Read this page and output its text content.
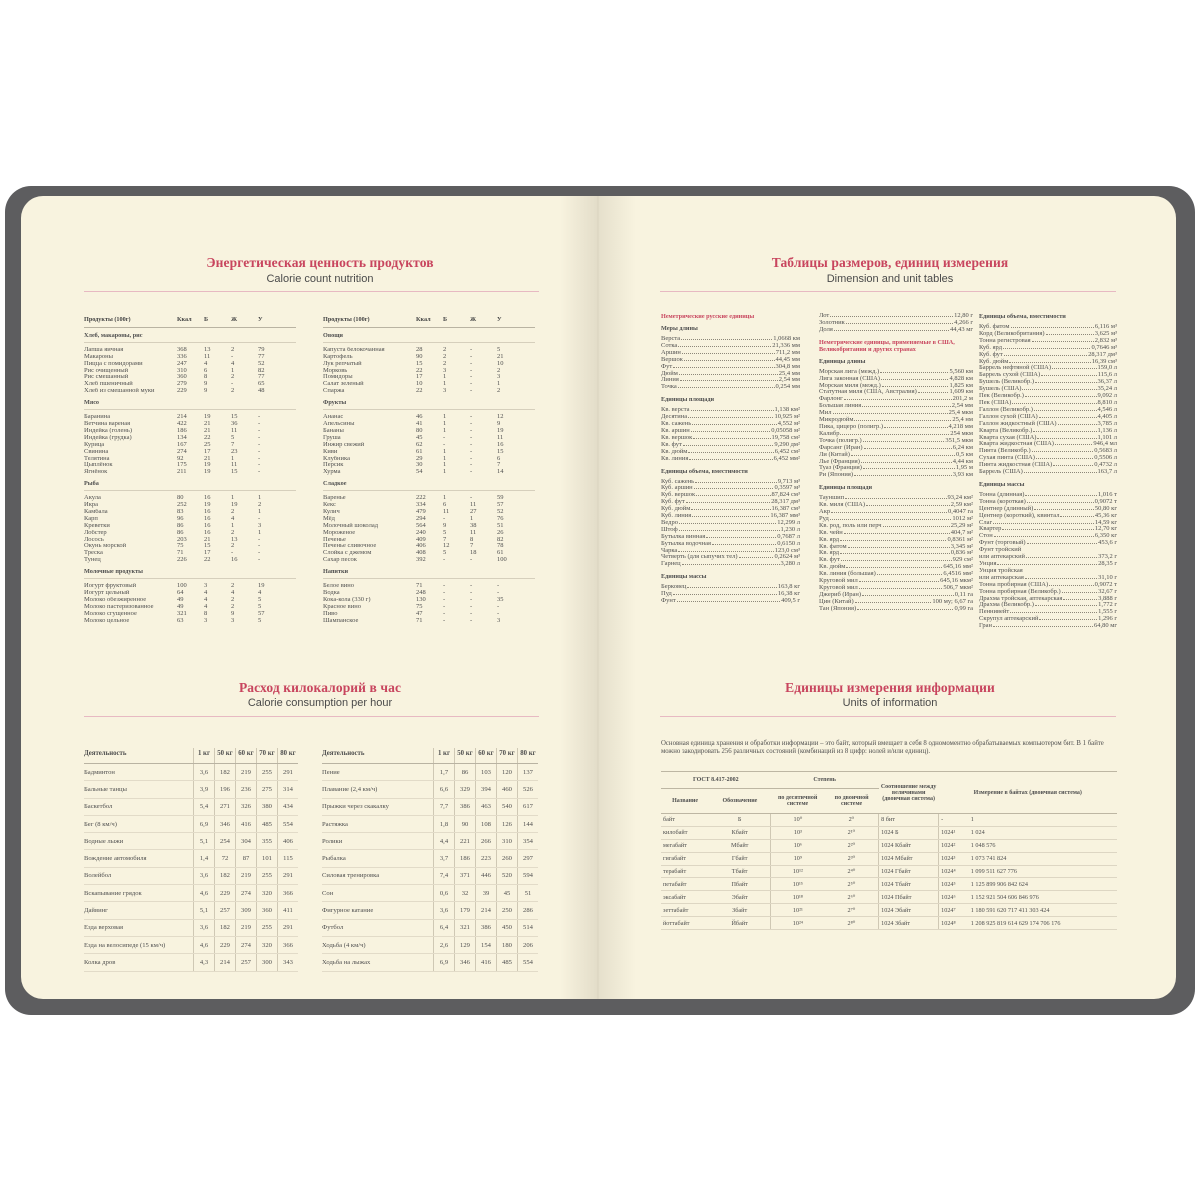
Энергетическая ценность продуктов
Calorie count nutrition
Продукты (100г)	Ккал	Б	Ж	У
Хлеб, макароны, рис
Лапша яичная	368	13	2	79
Макароны	336	11	-	77
Пицца с помидорами	247	4	4	52
Рис очищенный	310	6	1	82
Рис смешанный	360	8	2	77
Хлеб пшеничный	279	9	-	65
Хлеб из смешанной муки	229	9	2	48
Мясо
Баранина	214	19	15	-
Ветчина вареная	422	21	36	-
Индейка (голень)	186	21	11	-
Индейка (грудка)	134	22	5	-
Курица	167	25	7	-
Свинина	274	17	23	-
Телятина	92	21	1	-
Цыплёнок	175	19	11	-
Ягнёнок	211	19	15	-
Рыба
Акула	80	16	1	1
Икра	252	19	19	2
Камбала	83	16	2	1
Карп	96	16	4	-
Креветки	86	16	1	3
Лобстер	86	16	2	1
Лосось	203	21	13	-
Окунь морской	75	15	2	-
Треска	71	17	-	-
Тунец	226	22	16	-
Молочные продукты
Йогурт фруктовый	100	3	2	19
Йогурт цельный	64	4	4	4
Молоко обезжиренное	49	4	2	5
Молоко пастеризованное	49	4	2	5
Молоко сгущенное	321	8	9	57
Молоко цельное	63	3	3	5
Продукты (100г)	Ккал	Б	Ж	У
Овощи
Капуста белокочанная	28	2	-	5
Картофель	90	2	-	21
Лук репчатый	15	2	-	10
Морковь	22	3	-	2
Помидоры	17	1	-	3
Салат зеленый	10	1	-	1
Спаржа	22	3	-	2
Фрукты
Ананас	46	1	-	12
Апельсины	41	1	-	9
Бананы	80	1	-	19
Груша	45	-	-	11
Инжир свежий	62	-	-	16
Киви	61	1	-	15
Клубника	29	1	-	6
Персик	30	1	-	7
Хурма	54	1	-	14
Сладкое
Варенье	222	1	-	59
Кекс	334	6	11	57
Кулич	479	11	27	52
Мёд	294	-	1	76
Молочный шоколад	564	9	38	51
Мороженое	240	5	11	26
Печенье	409	7	8	82
Печенье сливочное	406	12	7	78
Слойка с джемом	408	5	18	61
Сахар песок	392	-	-	100
Напитки
Белое вино	71	-	-	-
Водка	248	-	-	-
Кока-кола (330 г)	130	-	-	35
Красное вино	75	-	-	-
Пиво	47	-	-	-
Шампанское	71	-	-	3
Расход килокалорий в час
Calorie consumption per hour
Деятельность	1 кг	50 кг	60 кг	70 кг	80 кг
Бадминтон	3,6	182	219	255	291
Бальные танцы	3,9	196	236	275	314
Баскетбол	5,4	271	326	380	434
Бег (8 км/ч)	6,9	346	416	485	554
Водные лыжи	5,1	254	304	355	406
Вождение автомобиля	1,4	72	87	101	115
Волейбол	3,6	182	219	255	291
Вскапывание грядок	4,6	229	274	320	366
Дайвинг	5,1	257	309	360	411
Езда верховая	3,6	182	219	255	291
Езда на велосипеде (15 км/ч)	4,6	229	274	320	366
Колка дров	4,3	214	257	300	343
Деятельность	1 кг	50 кг	60 кг	70 кг	80 кг
Пение	1,7	86	103	120	137
Плавание (2,4 км/ч)	6,6	329	394	460	526
Прыжки через скакалку	7,7	386	463	540	617
Растяжка	1,8	90	108	126	144
Ролики	4,4	221	266	310	354
Рыбалка	3,7	186	223	260	297
Силовая тренировка	7,4	371	446	520	594
Сон	0,6	32	39	45	51
Фигурное катание	3,6	179	214	250	286
Футбол	6,4	321	386	450	514
Ходьба (4 км/ч)	2,6	129	154	180	206
Ходьба на лыжах	6,9	346	416	485	554
Таблицы размеров, единиц измерения
Dimension and unit tables
Неметрические русские единицы
Меры длины
Верста	1,0668 км
Сотка	21,336 мм
Аршин	711,2 мм
Вершок	44,45 мм
Фут	304,8 мм
Дюйм	25,4 мм
Линия	2,54 мм
Точка	0,254 мм
Единицы площади
Кв. верста	1,138 км²
Десятина	10,925 м²
Кв. сажень	4,552 м²
Кв. аршин	0,05058 м²
Кв. вершок	19,758 см²
Кв. фут	9,290 дм²
Кв. дюйм	6,452 см²
Кв. линия	6,452 мм²
Единицы объема, вместимости
Куб. сажень	9,713 м³
Куб. аршин	0,3597 м³
Куб. вершок	87,824 см³
Куб. фут	28,317 дм³
Куб. дюйм	16,387 см³
Куб. линия	16,387 мм³
Ведро	12,299 л
Штоф	1,230 л
Бутылка винная	0,7687 л
Бутылка водочная	0,6150 л
Чарка	123,0 см³
Четверть (для сыпучих тел)	0,2624 м³
Гарнец	3,280 л
Единицы массы
Берковец	163,8 кг
Пуд	16,38 кг
Фунт	409,5 г
Лот	12,80 г
Золотник	4,266 г
Доля	44,43 мг
Неметрические единицы, применяемые в США, Великобритании и других странах
Единицы длины
Морская лига (межд.)	5,560 км
Лига законная (США)	4,828 км
Морская миля (межд.)	1,825 км
Статутная миля (США, Австралия)	1,609 км
Фарлонг	201,2 м
Большая линия	2,54 мм
Мил	25,4 мкм
Микродюйм	25,4 нм
Пика, цицеро (полигр.)	4,218 мм
Калибр	254 мкм
Точка (полигр.)	351,5 мкм
Фарсанг (Иран)	6,24 км
Ли (Китай)	0,5 км
Лье (Франция)	4,44 км
Туаз (Франция)	1,95 м
Ри (Япония)	3,93 км
Единицы площади
Тауншип	93,24 км²
Кв. миля (США)	2,59 км²
Акр	0,4047 га
Руд	1012 м²
Кв. род, поль или перч	25,29 м²
Кв. чейн	404,7 м²
Кв. ярд	0,8361 м²
Кв. фатом	3,345 м²
Кв. ярд	0,836 м²
Кв. фут	929 см²
Кв. дюйм	645,16 мм²
Кв. линия (большая)	6,4516 мм²
Круговой мил	645,16 мкм²
Круговой мил	506,7 мкм²
Джериб (Иран)	0,11 га
Цин (Китай)	100 му; 6,67 га
Тан (Япония)	0,99 га
Единицы объема, вместимости
Куб. фатом	6,116 м³
Корд (Великобритания)	3,625 м³
Тонна регистровая	2,832 м³
Куб. ярд	0,7646 м³
Куб. фут	28,317 дм³
Куб. дюйм	16,39 см³
Баррель нефтяной (США)	159,0 л
Баррель сухой (США)	115,6 л
Бушель (Великобр.)	36,37 л
Бушель (США)	35,24 л
Пек (Великобр.)	9,092 л
Пек (США)	8,810 л
Галлон (Великобр.)	4,546 л
Галлон сухой (США)	4,405 л
Галлон жидкостный (США)	3,785 л
Кварта (Великобр.)	1,136 л
Кварта сухая (США)	1,101 л
Кварта жидкостная (США)	946,4 мл
Пинта (Великобр.)	0,5683 л
Сухая пинта (США)	0,5506 л
Пинта жидкостная (США)	0,4732 л
Баррель (США)	163,7 л
Единицы массы
Тонна (длинная)	1,016 т
Тонна (короткая)	0,9072 т
Центнер (длинный)	50,80 кг
Центнер (короткий), квинтал	45,36 кг
Слаг	14,59 кг
Квартер	12,70 кг
Стон	6,350 кг
Фунт (торговый)	453,6 г
Фунт тройский
или аптекарский	373,2 г
Унция	28,35 г
Унция тройская
или аптекарская	31,10 г
Тонна пробирная (США)	0,9072 т
Тонна пробирная (Великобр.)	32,67 г
Драхма тройская, аптекарская	3,888 г
Драхма (Великобр.)	1,772 г
Пеннивейт	1,555 г
Скрупул аптекарский	1,296 г
Гран	64,80 мг
Единицы измерения информации
Units of information
Основная единица хранения и обработки информации – это байт, который вмещает в себя 8 одномоментно обрабатываемых компьютером бит. В 1 байте можно закодировать 256 различных состояний (комбинаций из 8 цифр: нолей и/или единиц).
ГОСТ 8.417-2002		Степень		Соотношение между величинами (двоичная система)	Измерение в байтах (двоичная система)	
Название	Обозначение	по десятичной системе	по двоичной системе			
байт	Б	10⁰	2⁰	8 бит	-	1
килобайт	Кбайт	10³	2¹⁰	1024 Б	1024¹	1 024
мегабайт	Мбайт	10⁶	2²⁰	1024 Кбайт	1024²	1 048 576
гигабайт	Гбайт	10⁹	2³⁰	1024 Мбайт	1024³	1 073 741 824
терабайт	Тбайт	10¹²	2⁴⁰	1024 Гбайт	1024⁴	1 099 511 627 776
петабайт	Пбайт	10¹⁵	2⁵⁰	1024 Тбайт	1024⁵	1 125 899 906 842 624
эксабайт	Эбайт	10¹⁸	2⁶⁰	1024 Пбайт	1024⁶	1 152 921 504 606 846 976
зеттабайт	Збайт	10²¹	2⁷⁰	1024 Эбайт	1024⁷	1 180 591 620 717 411 303 424
йоттабайт	Йбайт	10²⁴	2⁸⁰	1024 Збайт	1024⁸	1 208 925 819 614 629 174 706 176
